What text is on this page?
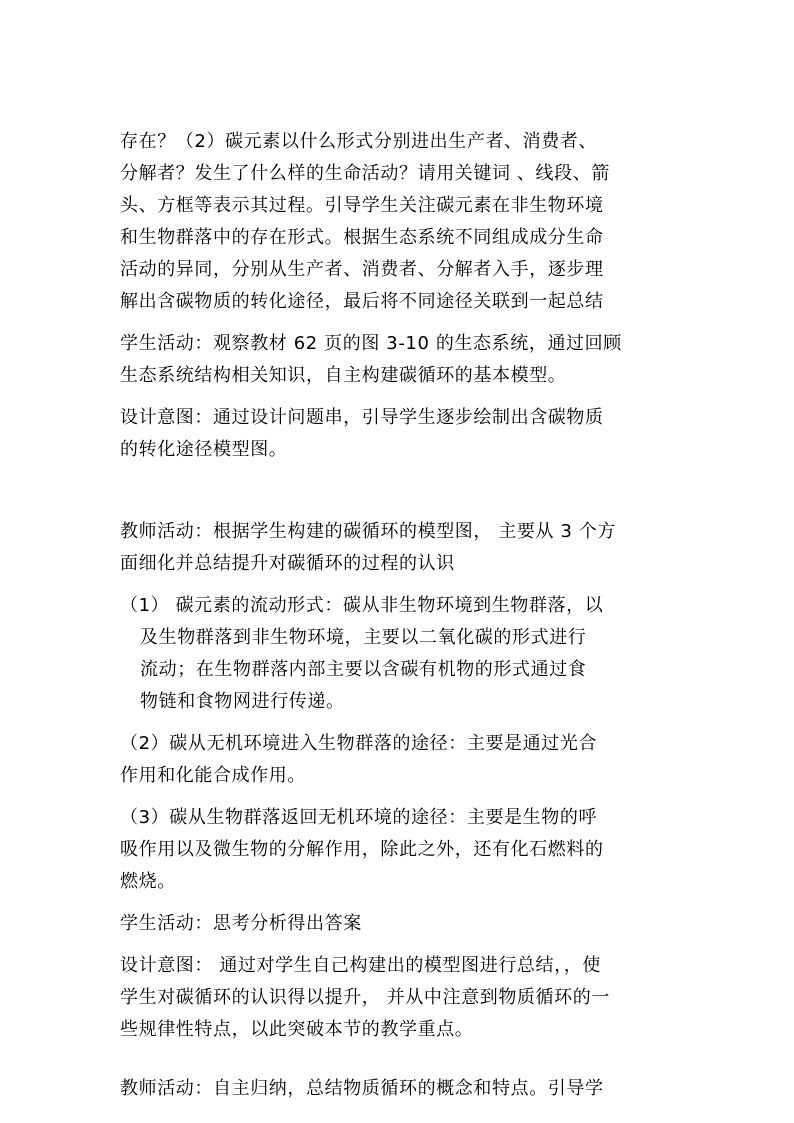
存在？（2）碳元素以什么形式分别进出生产者、消费者、
分解者？发生了什么样的生命活动？请用关键词 、线段、箭
头、方框等表示其过程。引导学生关注碳元素在非生物环境
和生物群落中的存在形式。根据生态系统不同组成成分生命
活动的异同，分别从生产者、消费者、分解者入手，逐步理
解出含碳物质的转化途径，最后将不同途径关联到一起总结
学生活动：观察教材 62 页的图 3-10 的生态系统，通过回顾
生态系统结构相关知识，自主构建碳循环的基本模型。
设计意图：通过设计问题串，引导学生逐步绘制出含碳物质
的转化途径模型图。
教师活动：根据学生构建的碳循环的模型图， 主要从 3 个方
面细化并总结提升对碳循环的过程的认识
（1） 碳元素的流动形式：碳从非生物环境到生物群落，以
及生物群落到非生物环境，主要以二氧化碳的形式进行
流动；在生物群落内部主要以含碳有机物的形式通过食
物链和食物网进行传递。
（2）碳从无机环境进入生物群落的途径：主要是通过光合
作用和化能合成作用。
（3）碳从生物群落返回无机环境的途径：主要是生物的呼
吸作用以及微生物的分解作用，除此之外，还有化石燃料的
燃烧。
学生活动：思考分析得出答案
设计意图： 通过对学生自己构建出的模型图进行总结，，使
学生对碳循环的认识得以提升， 并从中注意到物质循环的一
些规律性特点，以此突破本节的教学重点。
教师活动：自主归纳，总结物质循环的概念和特点。引导学
